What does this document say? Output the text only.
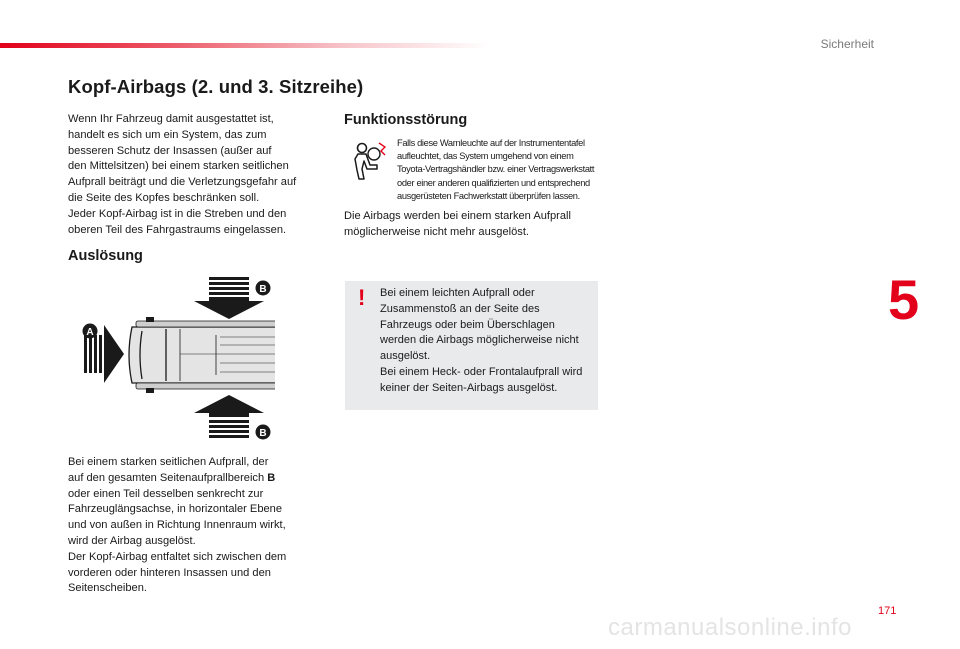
Sicherheit
5
Kopf-Airbags (2. und 3. Sitzreihe)
Wenn Ihr Fahrzeug damit ausgestattet ist,
handelt es sich um ein System, das zum
besseren Schutz der Insassen (außer auf
den Mittelsitzen) bei einem starken seitlichen
Aufprall beiträgt und die Verletzungsgefahr auf
die Seite des Kopfes beschränken soll.
Jeder Kopf-Airbag ist in die Streben und den
oberen Teil des Fahrgastraums eingelassen.
Auslösung
B
A
B
Bei einem starken seitlichen Aufprall, der
auf den gesamten Seitenaufprallbereich B
oder einen Teil desselben senkrecht zur
Fahrzeuglängsachse, in horizontaler Ebene
und von außen in Richtung Innenraum wirkt,
wird der Airbag ausgelöst.
Der Kopf-Airbag entfaltet sich zwischen dem
vorderen oder hinteren Insassen und den
Seitenscheiben.
Funktionsstörung
Falls diese Warnleuchte auf der Instrumententafel
aufleuchtet, das System umgehend von einem
Toyota-Vertragshändler bzw. einer Vertragswerkstatt
oder einer anderen qualifizierten und entsprechend
ausgerüsteten Fachwerkstatt überprüfen lassen.
Die Airbags werden bei einem starken Aufprall
möglicherweise nicht mehr ausgelöst.
! Bei einem leichten Aufprall oder
Zusammenstoß an der Seite des
Fahrzeugs oder beim Überschlagen
werden die Airbags möglicherweise nicht
ausgelöst.
Bei einem Heck- oder Frontalaufprall wird
keiner der Seiten-Airbags ausgelöst.
171
carmanualsonline.info
